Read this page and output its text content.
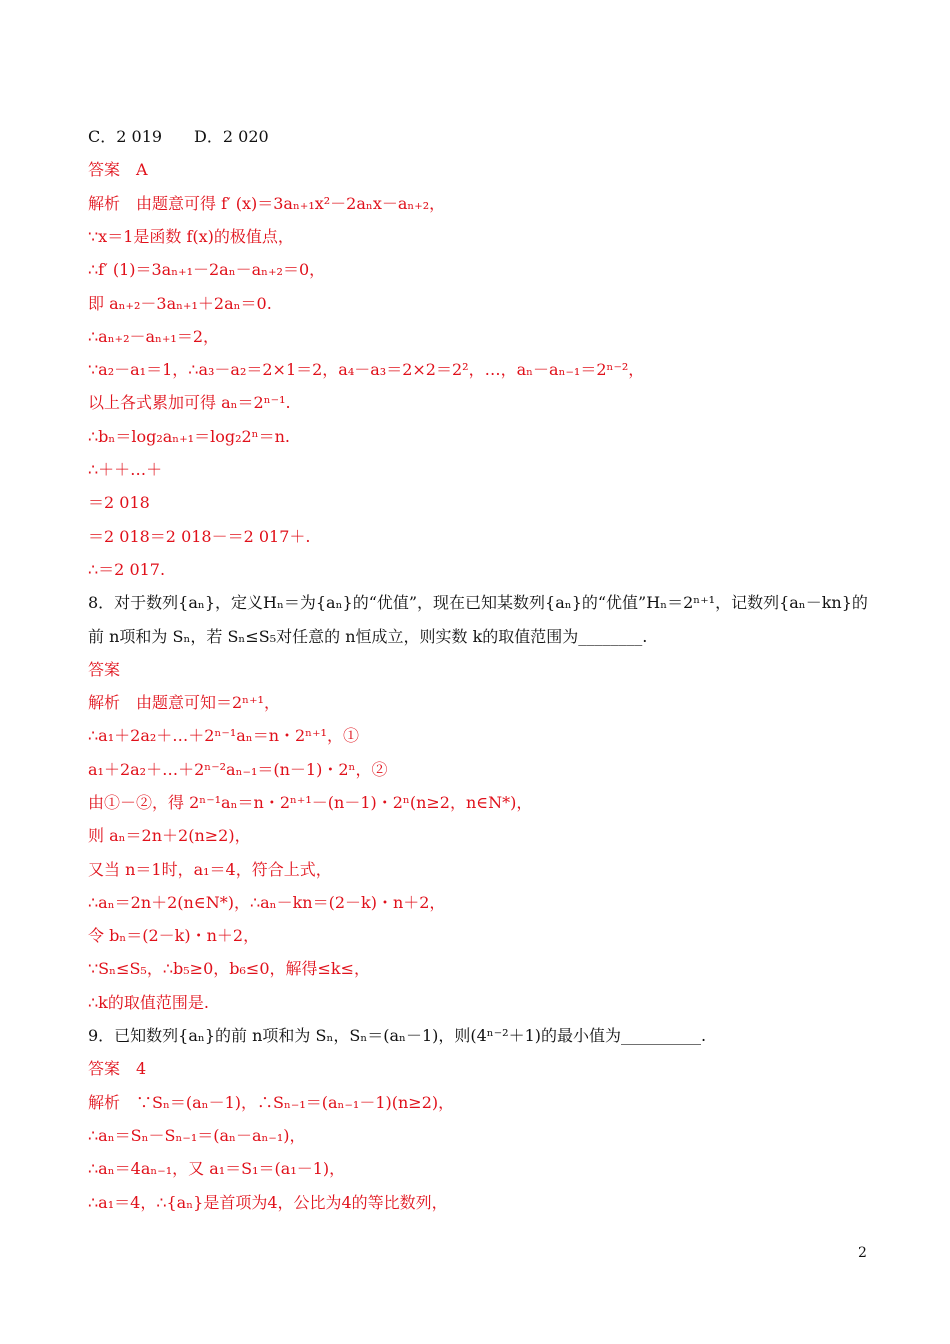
C．2 019　　D．2 020
答案　A
解析　由题意可得 f′ (x)＝3aₙ₊₁x²－2aₙx－aₙ₊₂，
∵x＝1是函数 f(x)的极值点，
∴f′ (1)＝3aₙ₊₁－2aₙ－aₙ₊₂＝0，
即 aₙ₊₂－3aₙ₊₁＋2aₙ＝0.
∴aₙ₊₂－aₙ₊₁＝2，
∵a₂－a₁＝1，∴a₃－a₂＝2×1＝2，a₄－a₃＝2×2＝2²，…，aₙ－aₙ₋₁＝2ⁿ⁻²，
以上各式累加可得 aₙ＝2ⁿ⁻¹.
∴bₙ＝log₂aₙ₊₁＝log₂2ⁿ＝n.
∴＋＋…＋
＝2 018
＝2 018＝2 018－＝2 017＋.
∴＝2 017.
8．对于数列{aₙ}，定义Hₙ＝为{aₙ}的“优值”，现在已知某数列{aₙ}的“优值”Hₙ＝2ⁿ⁺¹，记数列{aₙ－kn}的
前 n项和为 Sₙ，若 Sₙ≤S₅对任意的 n恒成立，则实数 k的取值范围为________.
答案
解析　由题意可知＝2ⁿ⁺¹，
∴a₁＋2a₂＋…＋2ⁿ⁻¹aₙ＝n・2ⁿ⁺¹，①
a₁＋2a₂＋…＋2ⁿ⁻²aₙ₋₁＝(n－1)・2ⁿ，②
由①－②，得 2ⁿ⁻¹aₙ＝n・2ⁿ⁺¹－(n－1)・2ⁿ(n≥2，n∈N*)，
则 aₙ＝2n＋2(n≥2)，
又当 n＝1时，a₁＝4，符合上式，
∴aₙ＝2n＋2(n∈N*)，∴aₙ－kn＝(2－k)・n＋2，
令 bₙ＝(2－k)・n＋2，
∵Sₙ≤S₅，∴b₅≥0，b₆≤0，解得≤k≤，
∴k的取值范围是.
9．已知数列{aₙ}的前 n项和为 Sₙ，Sₙ＝(aₙ－1)，则(4ⁿ⁻²＋1)的最小值为__________.
答案　4
解析　∵Sₙ＝(aₙ－1)，∴Sₙ₋₁＝(aₙ₋₁－1)(n≥2)，
∴aₙ＝Sₙ－Sₙ₋₁＝(aₙ－aₙ₋₁)，
∴aₙ＝4aₙ₋₁，又 a₁＝S₁＝(a₁－1)，
∴a₁＝4，∴{aₙ}是首项为4，公比为4的等比数列，
2
